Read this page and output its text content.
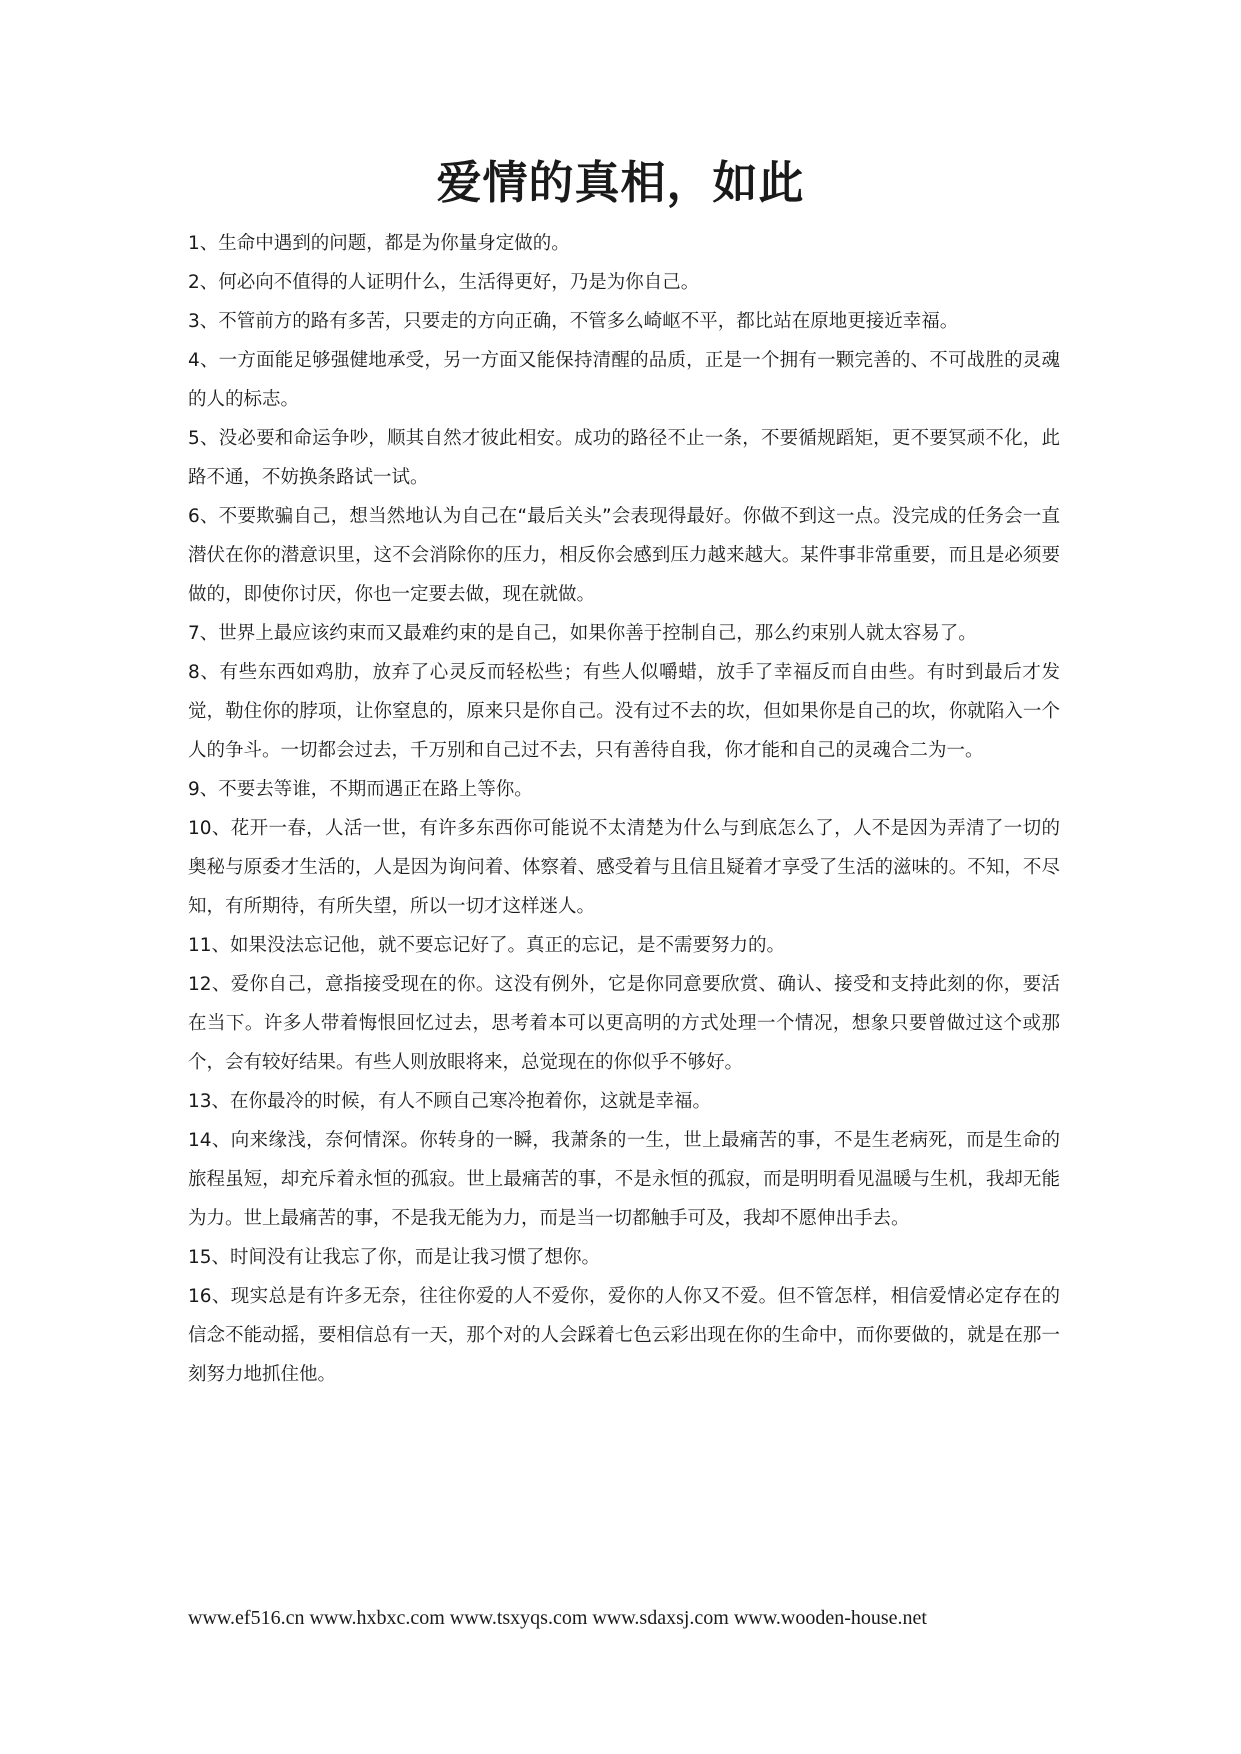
爱情的真相，如此
1、生命中遇到的问题，都是为你量身定做的。
2、何必向不值得的人证明什么，生活得更好，乃是为你自己。
3、不管前方的路有多苦，只要走的方向正确，不管多么崎岖不平，都比站在原地更接近幸福。
4、一方面能足够强健地承受，另一方面又能保持清醒的品质，正是一个拥有一颗完善的、不可战胜的灵魂的人的标志。
5、没必要和命运争吵，顺其自然才彼此相安。成功的路径不止一条，不要循规蹈矩，更不要冥顽不化，此路不通，不妨换条路试一试。
6、不要欺骗自己，想当然地认为自己在“最后关头”会表现得最好。你做不到这一点。没完成的任务会一直潜伏在你的潜意识里，这不会消除你的压力，相反你会感到压力越来越大。某件事非常重要，而且是必须要做的，即使你讨厌，你也一定要去做，现在就做。
7、世界上最应该约束而又最难约束的是自己，如果你善于控制自己，那么约束别人就太容易了。
8、有些东西如鸡肋，放弃了心灵反而轻松些；有些人似嚼蜡，放手了幸福反而自由些。有时到最后才发觉，勒住你的脖项，让你窒息的，原来只是你自己。没有过不去的坎，但如果你是自己的坎，你就陷入一个人的争斗。一切都会过去，千万别和自己过不去，只有善待自我，你才能和自己的灵魂合二为一。
9、不要去等谁，不期而遇正在路上等你。
10、花开一春，人活一世，有许多东西你可能说不太清楚为什么与到底怎么了，人不是因为弄清了一切的奥秘与原委才生活的，人是因为询问着、体察着、感受着与且信且疑着才享受了生活的滋味的。不知，不尽知，有所期待，有所失望，所以一切才这样迷人。
11、如果没法忘记他，就不要忘记好了。真正的忘记，是不需要努力的。
12、爱你自己，意指接受现在的你。这没有例外，它是你同意要欣赏、确认、接受和支持此刻的你，要活在当下。许多人带着悔恨回忆过去，思考着本可以更高明的方式处理一个情况，想象只要曾做过这个或那个，会有较好结果。有些人则放眼将来，总觉现在的你似乎不够好。
13、在你最冷的时候，有人不顾自己寒冷抱着你，这就是幸福。
14、向来缘浅，奈何情深。你转身的一瞬，我萧条的一生，世上最痛苦的事，不是生老病死，而是生命的旅程虽短，却充斥着永恒的孤寂。世上最痛苦的事，不是永恒的孤寂，而是明明看见温暖与生机，我却无能为力。世上最痛苦的事，不是我无能为力，而是当一切都触手可及，我却不愿伸出手去。
15、时间没有让我忘了你，而是让我习惯了想你。
16、现实总是有许多无奈，往往你爱的人不爱你，爱你的人你又不爱。但不管怎样，相信爱情必定存在的信念不能动摇，要相信总有一天，那个对的人会踩着七色云彩出现在你的生命中，而你要做的，就是在那一刻努力地抓住他。

www.ef516.cn www.hxbxc.com www.tsxyqs.com www.sdaxsj.com www.wooden-house.net
